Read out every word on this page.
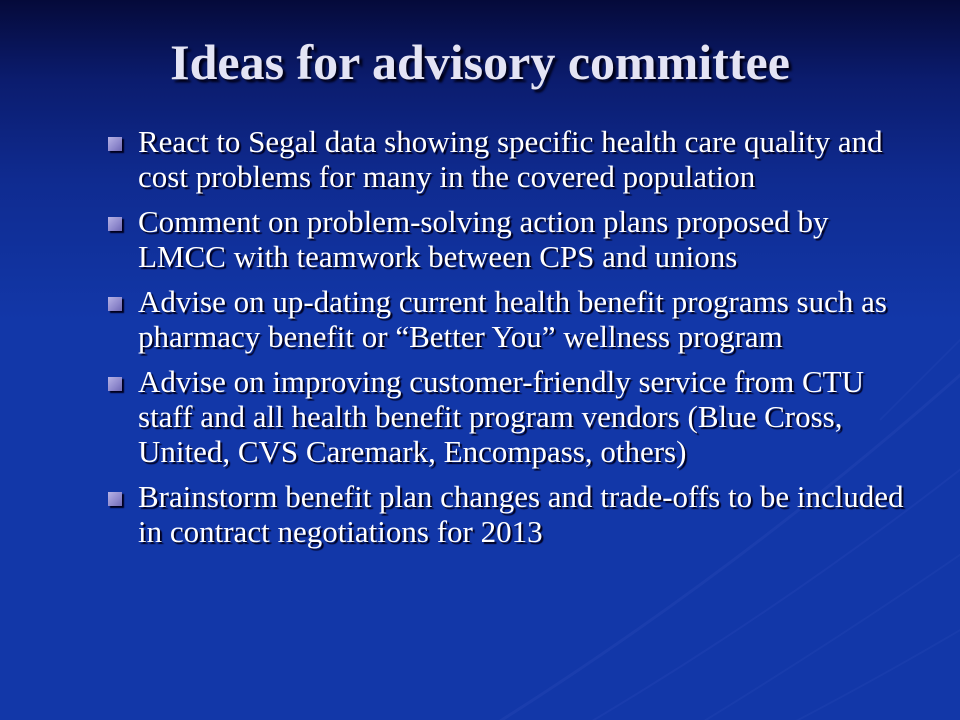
Ideas for advisory committee
React to Segal data showing specific health care quality and cost problems for many in the covered population
Comment on problem-solving action plans proposed by LMCC with teamwork between CPS and unions
Advise on up-dating current health benefit programs such as pharmacy benefit or “Better You” wellness program
Advise on improving customer-friendly service from CTU staff and all health benefit program vendors (Blue Cross, United, CVS Caremark, Encompass, others)
Brainstorm benefit plan changes and trade-offs to be included in contract negotiations for 2013
